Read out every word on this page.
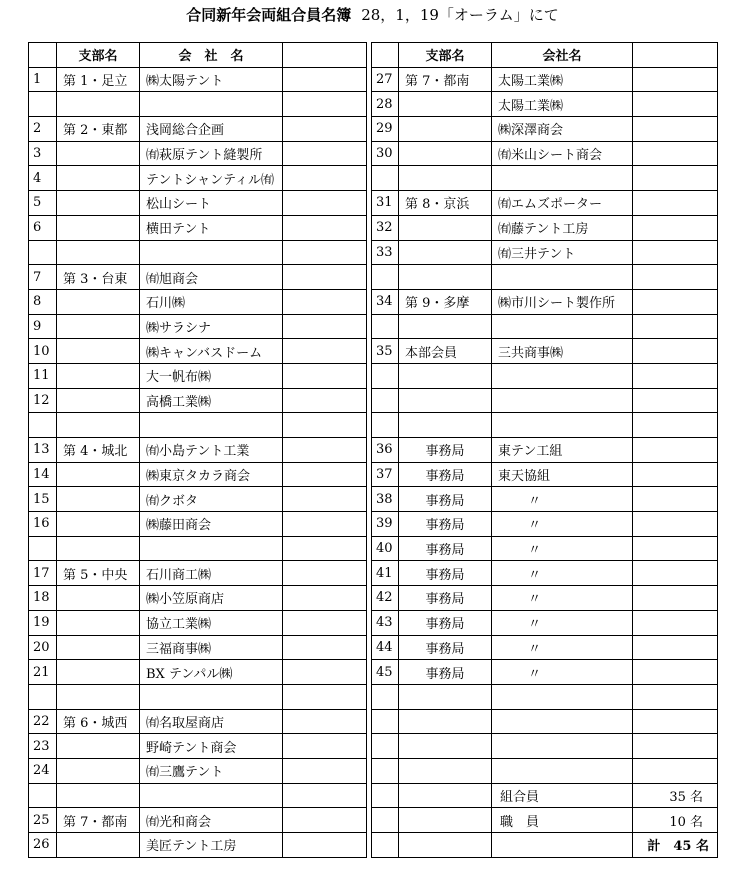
合同新年会両組合員名簿 28，1，19「オーラム」にて
	支部名	会　社　名	
1	第 1・足立	㈱太陽テント	

2	第 2・東都	浅岡総合企画	
3		㈲萩原テント縫製所	
4		テントシャンティル㈲	
5		松山シート	
6		横田テント	

7	第 3・台東	㈲旭商会	
8		石川㈱	
9		㈱サラシナ	
10		㈱キャンバスドーム	
11		大一帆布㈱	
12		高橋工業㈱	

13	第 4・城北	㈲小島テント工業	
14		㈱東京タカラ商会	
15		㈲クボタ	
16		㈱藤田商会	

17	第 5・中央	石川商工㈱	
18		㈱小笠原商店	
19		協立工業㈱	
20		三福商事㈱	
21		BX テンパル㈱	

22	第 6・城西	㈲名取屋商店	
23		野崎テント商会	
24		㈲三鷹テント	

25	第 7・都南	㈲光和商会	
26		美匠テント工房	
	支部名	会社名	
27	第 7・都南	太陽工業㈱	
28		太陽工業㈱	
29		㈱深澤商会	
30		㈲米山シート商会	

31	第 8・京浜	㈲エムズポーター	
32		㈲藤テント工房	
33		㈲三井テント	

34	第 9・多摩	㈱市川シート製作所	

35	本部会員	三共商事㈱	

36	事務局	東テン工組	
37	事務局	東天協組	
38	事務局	〃	
39	事務局	〃	
40	事務局	〃	
41	事務局	〃	
42	事務局	〃	
43	事務局	〃	
44	事務局	〃	
45	事務局	〃	

		組合員	35 名
		職　員	10 名
			計　45 名
